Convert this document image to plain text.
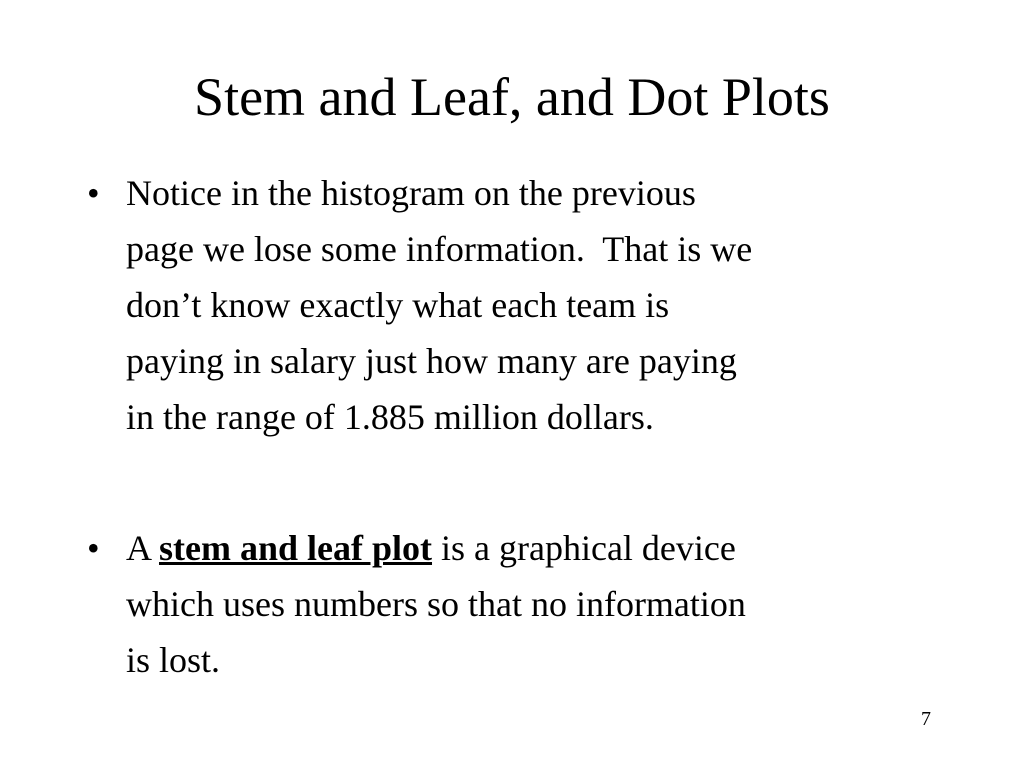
Stem and Leaf, and Dot Plots
• Notice in the histogram on the previous
page we lose some information.  That is we
don’t know exactly what each team is
paying in salary just how many are paying
in the range of 1.885 million dollars.
• A stem and leaf plot is a graphical device
which uses numbers so that no information
is lost.
7
